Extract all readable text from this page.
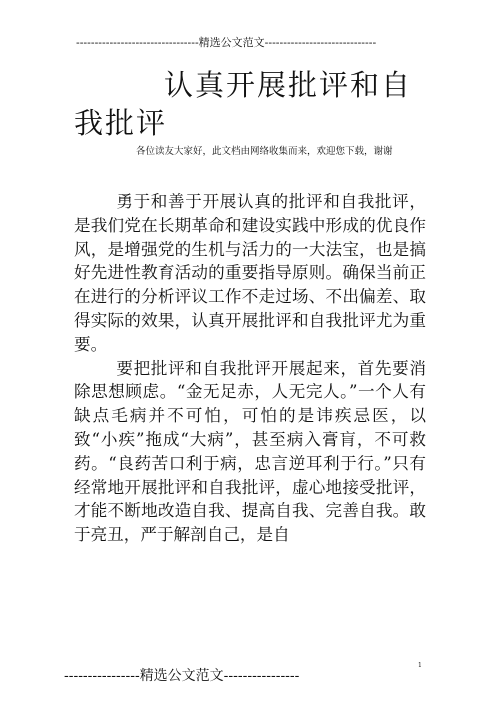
---------------------------------精选公文范文------------------------------
认真开展批评和自
我批评
各位读友大家好，此文档由网络收集而来，欢迎您下载，谢谢

勇于和善于开展认真的批评和自我批评，是我们党在长期革命和建设实践中形成的优良作风，是增强党的生机与活力的一大法宝，也是搞好先进性教育活动的重要指导原则。确保当前正在进行的分析评议工作不走过场、不出偏差、取得实际的效果，认真开展批评和自我批评尤为重要。

要把批评和自我批评开展起来，首先要消除思想顾虑。“金无足赤，人无完人。”一个人有缺点毛病并不可怕，可怕的是讳疾忌医，以致“小疾”拖成“大病”，甚至病入膏肓，不可救药。“良药苦口利于病，忠言逆耳利于行。”只有经常地开展批评和自我批评，虚心地接受批评，才能不断地改造自我、提高自我、完善自我。敢于亮丑，严于解剖自己，是自

----------------精选公文范文----------------
1
